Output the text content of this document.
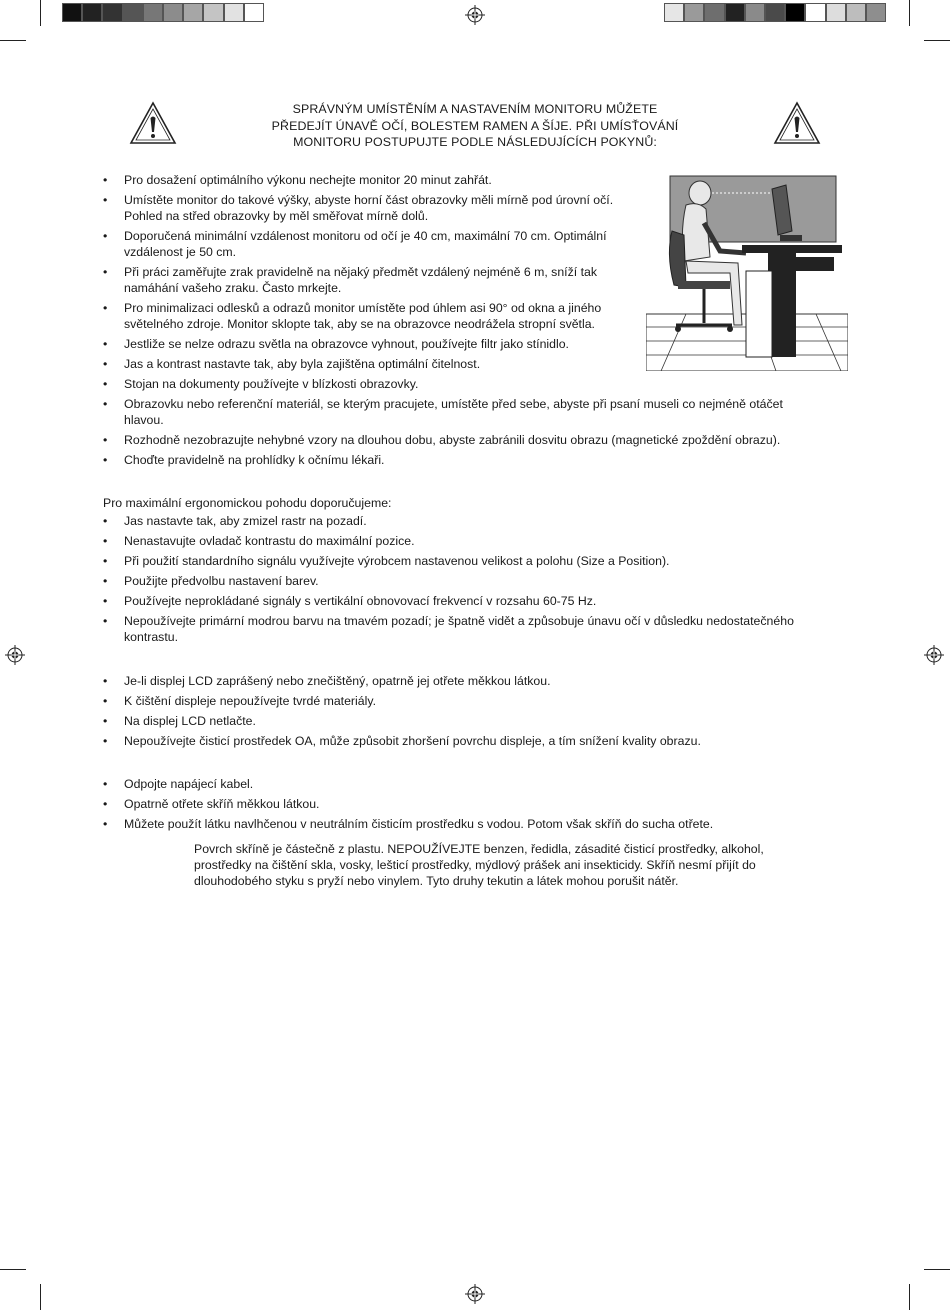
SPRÁVNÝM UMÍSTĚNÍM A NASTAVENÍM MONITORU MŮŽETE
PŘEDEJÍT ÚNAVĚ OČÍ, BOLESTEM RAMEN A ŠÍJE. PŘI UMÍSŤOVÁNÍ
MONITORU POSTUPUJTE PODLE NÁSLEDUJÍCÍCH POKYNŮ:
• Pro dosažení optimálního výkonu nechejte monitor 20 minut zahřát.
• Umístěte monitor do takové výšky, abyste horní část obrazovky měli mírně pod úrovní očí. Pohled na střed obrazovky by měl směřovat mírně dolů.
• Doporučená minimální vzdálenost monitoru od očí je 40 cm, maximální 70 cm. Optimální vzdálenost je 50 cm.
• Při práci zaměřujte zrak pravidelně na nějaký předmět vzdálený nejméně 6 m, sníží tak namáhání vašeho zraku. Často mrkejte.
• Pro minimalizaci odlesků a odrazů monitor umístěte pod úhlem asi 90° od okna a jiného světelného zdroje. Monitor sklopte tak, aby se na obrazovce neodrážela stropní světla.
• Jestliže se nelze odrazu světla na obrazovce vyhnout, používejte filtr jako stínidlo.
• Jas a kontrast nastavte tak, aby byla zajištěna optimální čitelnost.
• Stojan na dokumenty používejte v blízkosti obrazovky.
• Obrazovku nebo referenční materiál, se kterým pracujete, umístěte před sebe, abyste při psaní museli co nejméně otáčet hlavou.
• Rozhodně nezobrazujte nehybné vzory na dlouhou dobu, abyste zabránili dosvitu obrazu (magnetické zpoždění obrazu).
• Choďte pravidelně na prohlídky k očnímu lékaři.
Pro maximální ergonomickou pohodu doporučujeme:
• Jas nastavte tak, aby zmizel rastr na pozadí.
• Nenastavujte ovladač kontrastu do maximální pozice.
• Při použití standardního signálu využívejte výrobcem nastavenou velikost a polohu (Size a Position).
• Použijte předvolbu nastavení barev.
• Používejte neprokládané signály s vertikální obnovovací frekvencí v rozsahu 60-75 Hz.
• Nepoužívejte primární modrou barvu na tmavém pozadí; je špatně vidět a způsobuje únavu očí v důsledku nedostatečného kontrastu.
• Je-li displej LCD zaprášený nebo znečištěný, opatrně jej otřete měkkou látkou.
• K čištění displeje nepoužívejte tvrdé materiály.
• Na displej LCD netlačte.
• Nepoužívejte čisticí prostředek OA, může způsobit zhoršení povrchu displeje, a tím snížení kvality obrazu.
• Odpojte napájecí kabel.
• Opatrně otřete skříň měkkou látkou.
• Můžete použít látku navlhčenou v neutrálním čisticím prostředku s vodou. Potom však skříň do sucha otřete.
Povrch skříně je částečně z plastu. NEPOUŽÍVEJTE benzen, ředidla, zásadité čisticí prostředky, alkohol, prostředky na čištění skla, vosky, lešticí prostředky, mýdlový prášek ani insekticidy. Skříň nesmí přijít do dlouhodobého styku s pryží nebo vinylem. Tyto druhy tekutin a látek mohou porušit nátěr.
